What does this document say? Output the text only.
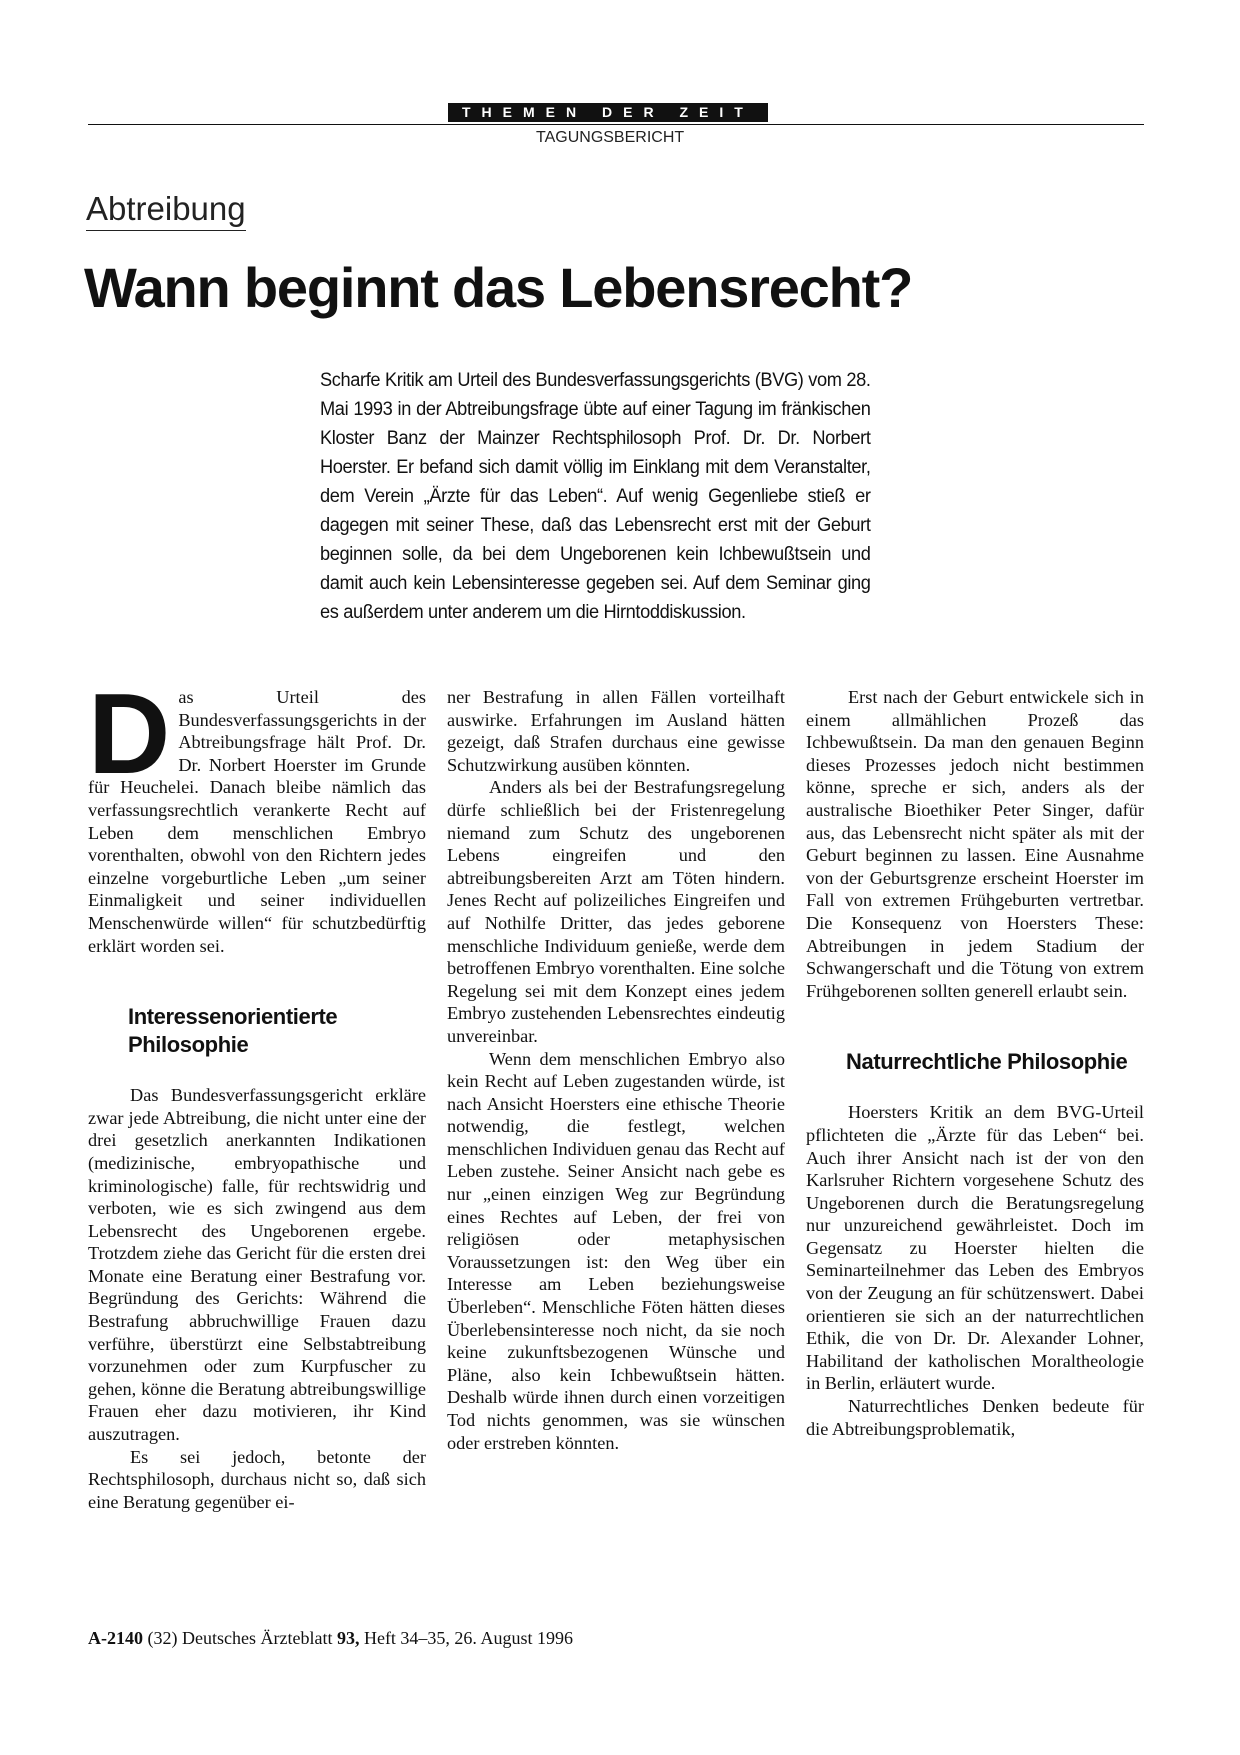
THEMEN DER ZEIT
TAGUNGSBERICHT
Abtreibung
Wann beginnt das Lebensrecht?

Scharfe Kritik am Urteil des Bundesverfassungsgerichts (BVG) vom 28. Mai 1993 in der Abtreibungsfrage übte auf einer Tagung im fränkischen Kloster Banz der Mainzer Rechtsphilosoph Prof. Dr. Dr. Norbert Hoerster. Er befand sich damit völlig im Einklang mit dem Veranstalter, dem Verein „Ärzte für das Leben“. Auf wenig Gegenliebe stieß er dagegen mit seiner These, daß das Lebensrecht erst mit der Geburt beginnen solle, da bei dem Ungeborenen kein Ichbewußtsein und damit auch kein Lebensinteresse gegeben sei. Auf dem Seminar ging es außerdem unter anderem um die Hirntoddiskussion.

D as Urteil des Bundesverfassungsgerichts in der Abtreibungsfrage hält Prof. Dr. Dr. Norbert Hoerster im Grunde für Heuchelei. Danach bleibe nämlich das verfassungsrechtlich verankerte Recht auf Leben dem menschlichen Embryo vorenthalten, obwohl von den Richtern jedes einzelne vorgeburtliche Leben „um seiner Einmaligkeit und seiner individuellen Menschenwürde willen“ für schutzbedürftig erklärt worden sei.

Interessenorientierte Philosophie

Das Bundesverfassungsgericht erkläre zwar jede Abtreibung, die nicht unter eine der drei gesetzlich anerkannten Indikationen (medizinische, embryopathische und kriminologische) falle, für rechtswidrig und verboten, wie es sich zwingend aus dem Lebensrecht des Ungeborenen ergebe. Trotzdem ziehe das Gericht für die ersten drei Monate eine Beratung einer Bestrafung vor. Begründung des Gerichts: Während die Bestrafung abbruchwillige Frauen dazu verführe, überstürzt eine Selbstabtreibung vorzunehmen oder zum Kurpfuscher zu gehen, könne die Beratung abtreibungswillige Frauen eher dazu motivieren, ihr Kind auszutragen.

Es sei jedoch, betonte der Rechtsphilosoph, durchaus nicht so, daß sich eine Beratung gegenüber ei-

ner Bestrafung in allen Fällen vorteilhaft auswirke. Erfahrungen im Ausland hätten gezeigt, daß Strafen durchaus eine gewisse Schutzwirkung ausüben könnten.

Anders als bei der Bestrafungsregelung dürfe schließlich bei der Fristenregelung niemand zum Schutz des ungeborenen Lebens eingreifen und den abtreibungsbereiten Arzt am Töten hindern. Jenes Recht auf polizeiliches Eingreifen und auf Nothilfe Dritter, das jedes geborene menschliche Individuum genieße, werde dem betroffenen Embryo vorenthalten. Eine solche Regelung sei mit dem Konzept eines jedem Embryo zustehenden Lebensrechtes eindeutig unvereinbar.

Wenn dem menschlichen Embryo also kein Recht auf Leben zugestanden würde, ist nach Ansicht Hoersters eine ethische Theorie notwendig, die festlegt, welchen menschlichen Individuen genau das Recht auf Leben zustehe. Seiner Ansicht nach gebe es nur „einen einzigen Weg zur Begründung eines Rechtes auf Leben, der frei von religiösen oder metaphysischen Voraussetzungen ist: den Weg über ein Interesse am Leben beziehungsweise Überleben“. Menschliche Föten hätten dieses Überlebensinteresse noch nicht, da sie noch keine zukunftsbezogenen Wünsche und Pläne, also kein Ichbewußtsein hätten. Deshalb würde ihnen durch einen vorzeitigen Tod nichts genommen, was sie wünschen oder erstreben könnten.

Erst nach der Geburt entwickele sich in einem allmählichen Prozeß das Ichbewußtsein. Da man den genauen Beginn dieses Prozesses jedoch nicht bestimmen könne, spreche er sich, anders als der australische Bioethiker Peter Singer, dafür aus, das Lebensrecht nicht später als mit der Geburt beginnen zu lassen. Eine Ausnahme von der Geburtsgrenze erscheint Hoerster im Fall von extremen Frühgeburten vertretbar. Die Konsequenz von Hoersters These: Abtreibungen in jedem Stadium der Schwangerschaft und die Tötung von extrem Frühgeborenen sollten generell erlaubt sein.

Naturrechtliche Philosophie

Hoersters Kritik an dem BVG-Urteil pflichteten die „Ärzte für das Leben“ bei. Auch ihrer Ansicht nach ist der von den Karlsruher Richtern vorgesehene Schutz des Ungeborenen durch die Beratungsregelung nur unzureichend gewährleistet. Doch im Gegensatz zu Hoerster hielten die Seminarteilnehmer das Leben des Embryos von der Zeugung an für schützenswert. Dabei orientieren sie sich an der naturrechtlichen Ethik, die von Dr. Dr. Alexander Lohner, Habilitand der katholischen Moraltheologie in Berlin, erläutert wurde.

Naturrechtliches Denken bedeute für die Abtreibungsproblematik,

A-2140 (32) Deutsches Ärzteblatt 93, Heft 34–35, 26. August 1996
